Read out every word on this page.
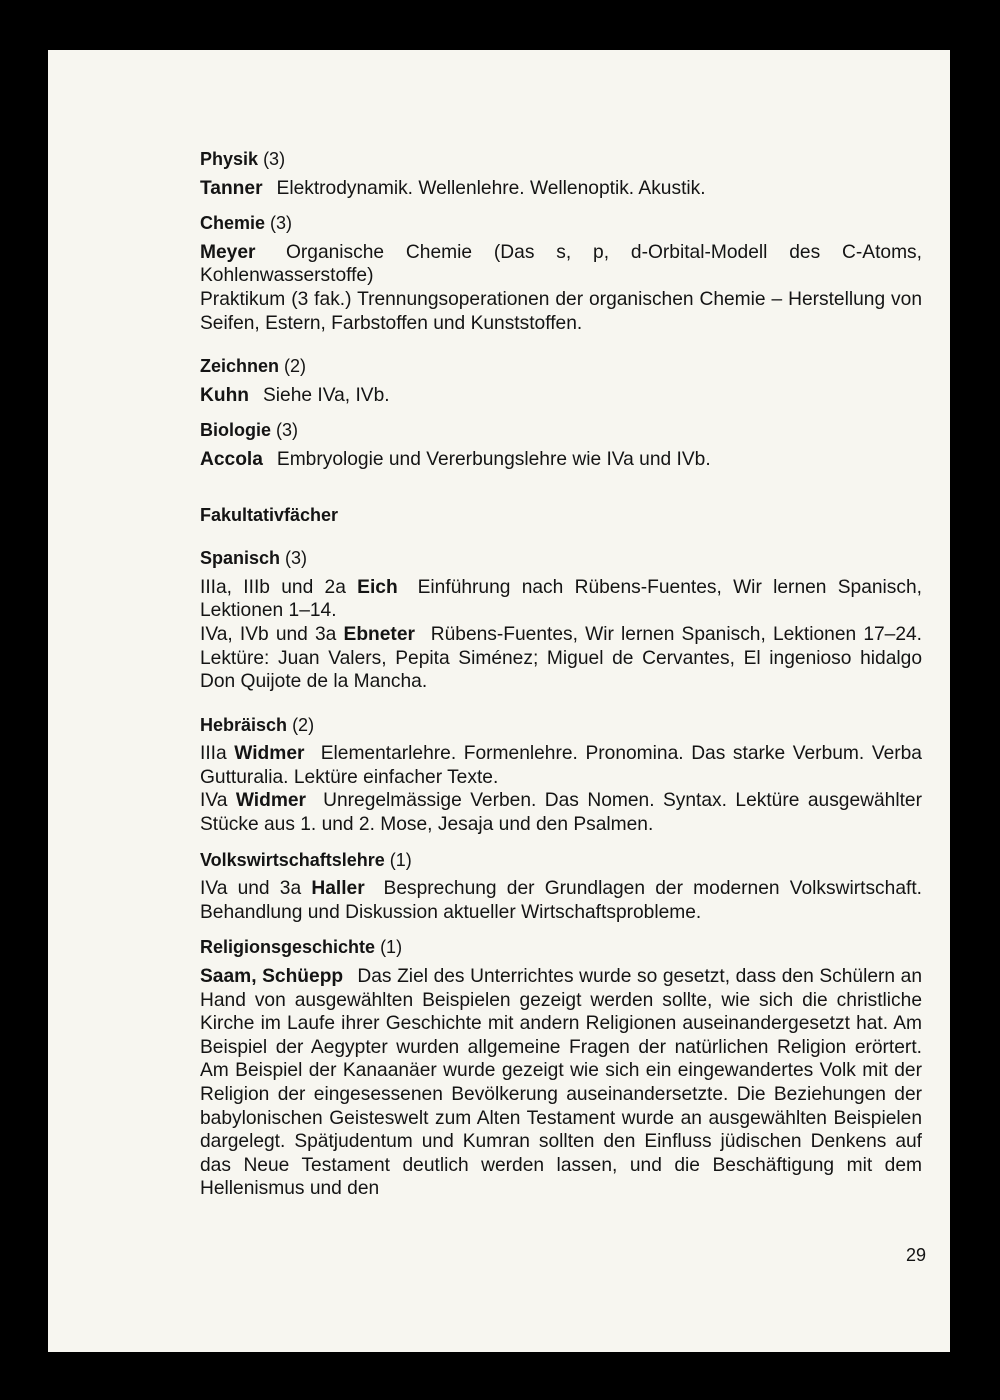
Physik (3)

Tanner Elektrodynamik. Wellenlehre. Wellenoptik. Akustik.

Chemie (3)

Meyer Organische Chemie (Das s, p, d-Orbital-Modell des C-Atoms, Kohlenwasserstoffe)

Praktikum (3 fak.) Trennungsoperationen der organischen Chemie – Herstellung von Seifen, Estern, Farbstoffen und Kunststoffen.

Zeichnen (2)

Kuhn Siehe IVa, IVb.

Biologie (3)

Accola Embryologie und Vererbungslehre wie IVa und IVb.

Fakultativfächer
Spanisch (3)

IIIa, IIIb und 2a Eich Einführung nach Rübens-Fuentes, Wir lernen Spanisch, Lektionen 1–14.

IVa, IVb und 3a Ebneter Rübens-Fuentes, Wir lernen Spanisch, Lektionen 17–24. Lektüre: Juan Valers, Pepita Siménez; Miguel de Cervantes, El ingenioso hidalgo Don Quijote de la Mancha.

Hebräisch (2)

IIIa Widmer Elementarlehre. Formenlehre. Pronomina. Das starke Verbum. Verba Gutturalia. Lektüre einfacher Texte.

IVa Widmer Unregelmässige Verben. Das Nomen. Syntax. Lektüre ausgewählter Stücke aus 1. und 2. Mose, Jesaja und den Psalmen.

Volkswirtschaftslehre (1)

IVa und 3a Haller Besprechung der Grundlagen der modernen Volkswirtschaft. Behandlung und Diskussion aktueller Wirtschaftsprobleme.

Religionsgeschichte (1)

Saam, Schüepp Das Ziel des Unterrichtes wurde so gesetzt, dass den Schülern an Hand von ausgewählten Beispielen gezeigt werden sollte, wie sich die christliche Kirche im Laufe ihrer Geschichte mit andern Religionen auseinandergesetzt hat. Am Beispiel der Aegypter wurden allgemeine Fragen der natürlichen Religion erörtert. Am Beispiel der Kanaanäer wurde gezeigt wie sich ein eingewandertes Volk mit der Religion der eingesessenen Bevölkerung auseinandersetzte. Die Beziehungen der babylonischen Geisteswelt zum Alten Testament wurde an ausgewählten Beispielen dargelegt. Spätjudentum und Kumran sollten den Einfluss jüdischen Denkens auf das Neue Testament deutlich werden lassen, und die Beschäftigung mit dem Hellenismus und den

29
